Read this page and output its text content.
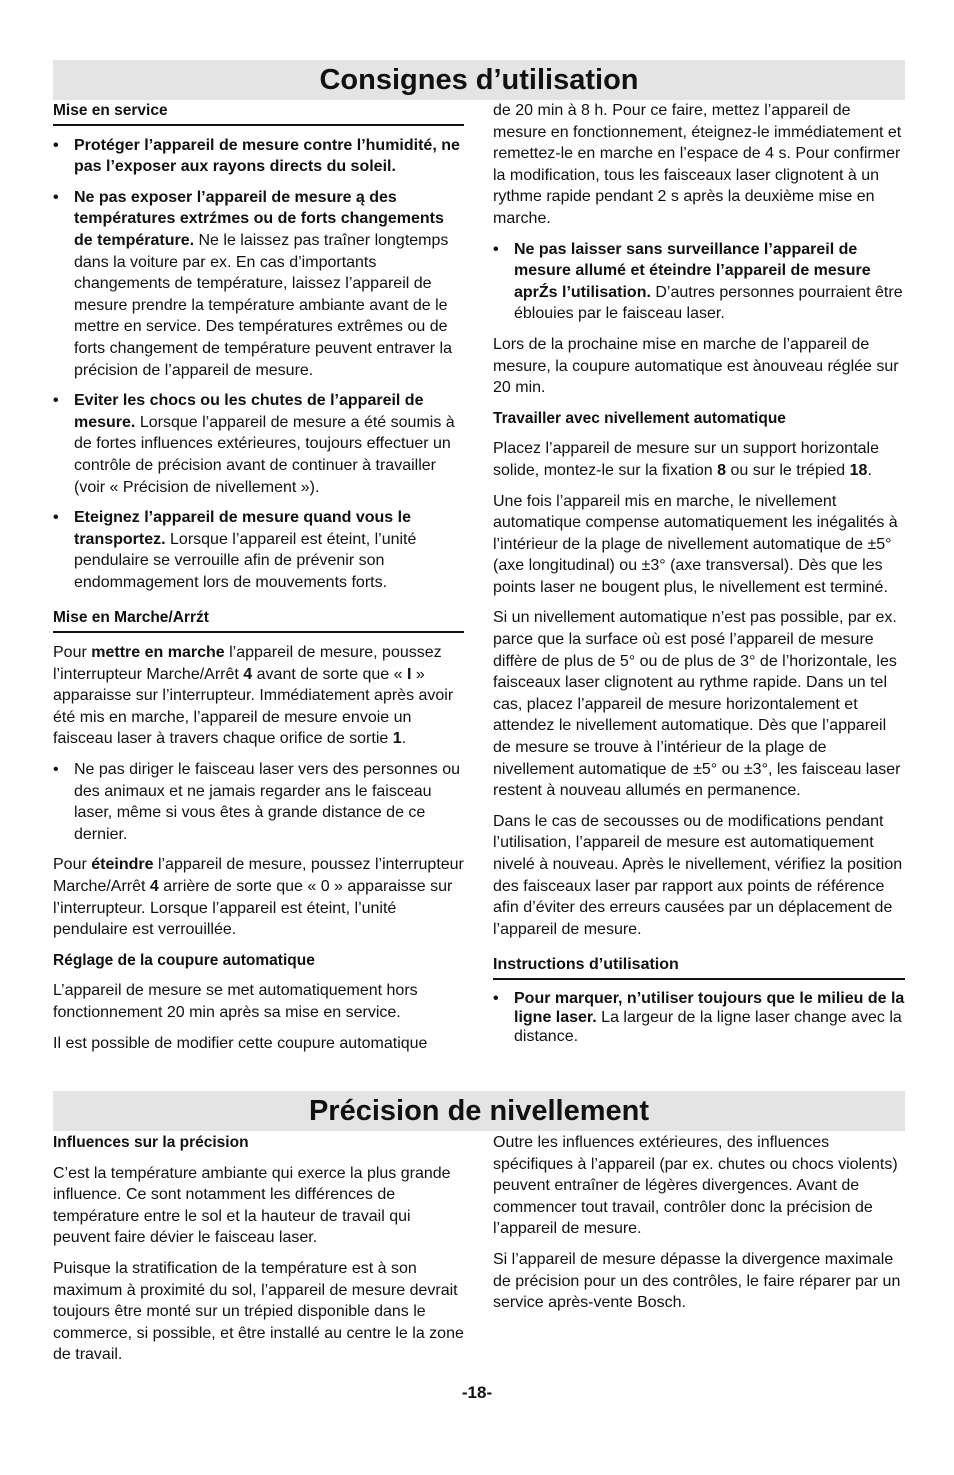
Consignes d’utilisation
Mise en service
• Protéger l’appareil de mesure contre l’humidité, ne pas l’exposer aux rayons directs du soleil.
• Ne pas exposer l’appareil de mesure ą des températures extrźmes ou de forts changements de température. Ne le laissez pas traîner longtemps dans la voiture par ex. En cas d’importants changements de température, laissez l’appareil de mesure prendre la température ambiante avant de le mettre en service. Des températures extrêmes ou de forts changement de température peuvent entraver la précision de l’appareil de mesure.
• Eviter les chocs ou les chutes de l’appareil de mesure. Lorsque l’appareil de mesure a été soumis à de fortes influences extérieures, toujours effectuer un contrôle de précision avant de continuer à travailler (voir « Précision de nivellement »).
• Eteignez l’appareil de mesure quand vous le transportez. Lorsque l’appareil est éteint, l’unité pendulaire se verrouille afin de prévenir son endommagement lors de mouvements forts.
Mise en Marche/Arrźt

Pour mettre en marche l’appareil de mesure, poussez l’interrupteur Marche/Arrêt 4 avant de sorte que « I » apparaisse sur l’interrupteur. Immédiatement après avoir été mis en marche, l’appareil de mesure envoie un faisceau laser à travers chaque orifice de sortie 1.

• Ne pas diriger le faisceau laser vers des personnes ou des animaux et ne jamais regarder ans le faisceau laser, même si vous êtes à grande distance de ce dernier.

Pour éteindre l’appareil de mesure, poussez l’interrupteur Marche/Arrêt 4 arrière de sorte que « 0 » apparaisse sur l’interrupteur. Lorsque l’appareil est éteint, l’unité pendulaire est verrouillée.

Réglage de la coupure automatique

L’appareil de mesure se met automatiquement hors fonctionnement 20 min après sa mise en service.

Il est possible de modifier cette coupure automatique

de 20 min à 8 h. Pour ce faire, mettez l’appareil de mesure en fonctionnement, éteignez-le immédiatement et remettez-le en marche en l’espace de 4 s. Pour confirmer la modification, tous les faisceaux laser clignotent à un rythme rapide pendant 2 s après la deuxième mise en marche.

• Ne pas laisser sans surveillance l’appareil de mesure allumé et éteindre l’appareil de mesure aprŹs l’utilisation. D’autres personnes pourraient être éblouies par le faisceau laser.

Lors de la prochaine mise en marche de l’appareil de mesure, la coupure automatique est ànouveau réglée sur 20 min.

Travailler avec nivellement automatique

Placez l’appareil de mesure sur un support horizontale solide, montez-le sur la fixation 8 ou sur le trépied 18.

Une fois l’appareil mis en marche, le nivellement automatique compense automatiquement les inégalités à l’intérieur de la plage de nivellement automatique de ±5° (axe longitudinal) ou ±3° (axe transversal). Dès que les points laser ne bougent plus, le nivellement est terminé.

Si un nivellement automatique n’est pas possible, par ex. parce que la surface où est posé l’appareil de mesure diffère de plus de 5° ou de plus de 3° de l’horizontale, les faisceaux laser clignotent au rythme rapide. Dans un tel cas, placez l’appareil de mesure horizontalement et attendez le nivellement automatique. Dès que l’appareil de mesure se trouve à l’intérieur de la plage de nivellement automatique de ±5° ou ±3°, les faisceau laser restent à nouveau allumés en permanence.

Dans le cas de secousses ou de modifications pendant l’utilisation, l’appareil de mesure est automatiquement nivelé à nouveau. Après le nivellement, vérifiez la position des faisceaux laser par rapport aux points de référence afin d’éviter des erreurs causées par un déplacement de l’appareil de mesure.

Instructions d’utilisation
• Pour marquer, n’utiliser toujours que le milieu de la ligne laser. La largeur de la ligne laser change avec la distance.
Précision de nivellement
Influences sur la précision

C’est la température ambiante qui exerce la plus grande influence. Ce sont notamment les différences de température entre le sol et la hauteur de travail qui peuvent faire dévier le faisceau laser.

Puisque la stratification de la température est à son maximum à proximité du sol, l’appareil de mesure devrait toujours être monté sur un trépied disponible dans le commerce, si possible, et être installé au centre le la zone de travail.

Outre les influences extérieures, des influences spécifiques à l’appareil (par ex. chutes ou chocs violents) peuvent entraîner de légères divergences. Avant de commencer tout travail, contrôler donc la précision de l’appareil de mesure.

Si l’appareil de mesure dépasse la divergence maximale de précision pour un des contrôles, le faire réparer par un service après-vente Bosch.

-18-
